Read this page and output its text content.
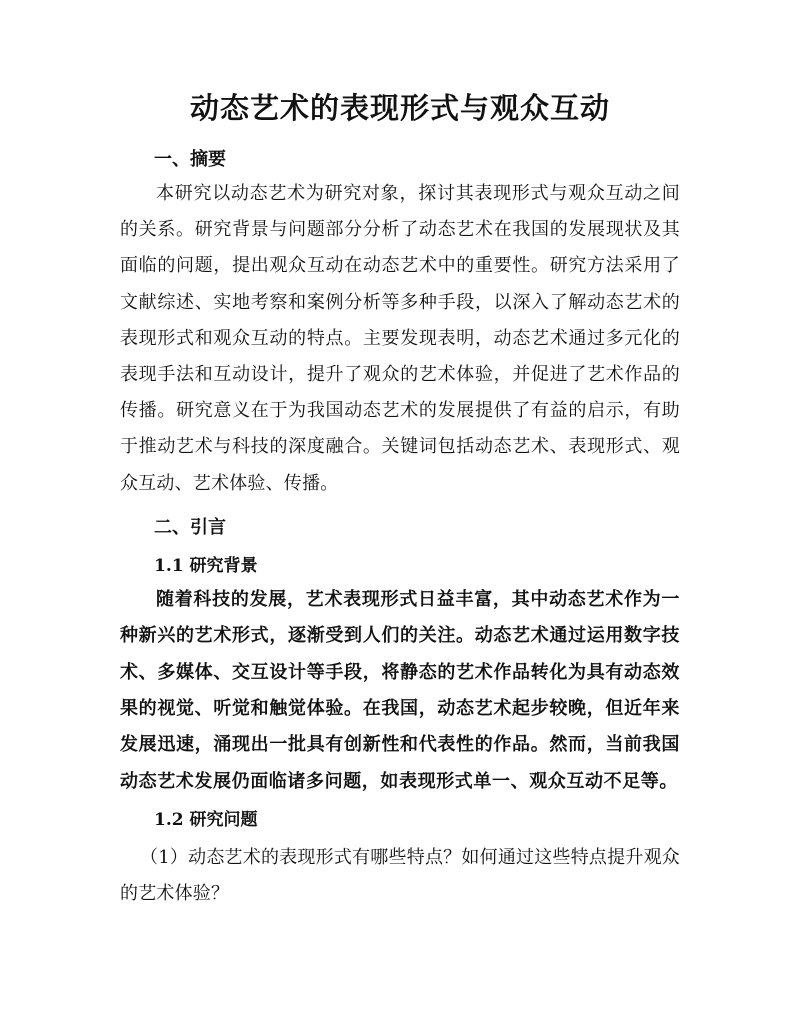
动态艺术的表现形式与观众互动
一、摘要

本研究以动态艺术为研究对象，探讨其表现形式与观众互动之间的关系。研究背景与问题部分分析了动态艺术在我国的发展现状及其面临的问题，提出观众互动在动态艺术中的重要性。研究方法采用了文献综述、实地考察和案例分析等多种手段，以深入了解动态艺术的表现形式和观众互动的特点。主要发现表明，动态艺术通过多元化的表现手法和互动设计，提升了观众的艺术体验，并促进了艺术作品的传播。研究意义在于为我国动态艺术的发展提供了有益的启示，有助于推动艺术与科技的深度融合。关键词包括动态艺术、表现形式、观众互动、艺术体验、传播。

二、引言
1.1 研究背景

随着科技的发展，艺术表现形式日益丰富，其中动态艺术作为一种新兴的艺术形式，逐渐受到人们的关注。动态艺术通过运用数字技术、多媒体、交互设计等手段，将静态的艺术作品转化为具有动态效果的视觉、听觉和触觉体验。在我国，动态艺术起步较晚，但近年来发展迅速，涌现出一批具有创新性和代表性的作品。然而，当前我国动态艺术发展仍面临诸多问题，如表现形式单一、观众互动不足等。

1.2 研究问题

（1）动态艺术的表现形式有哪些特点？如何通过这些特点提升观众的艺术体验？
